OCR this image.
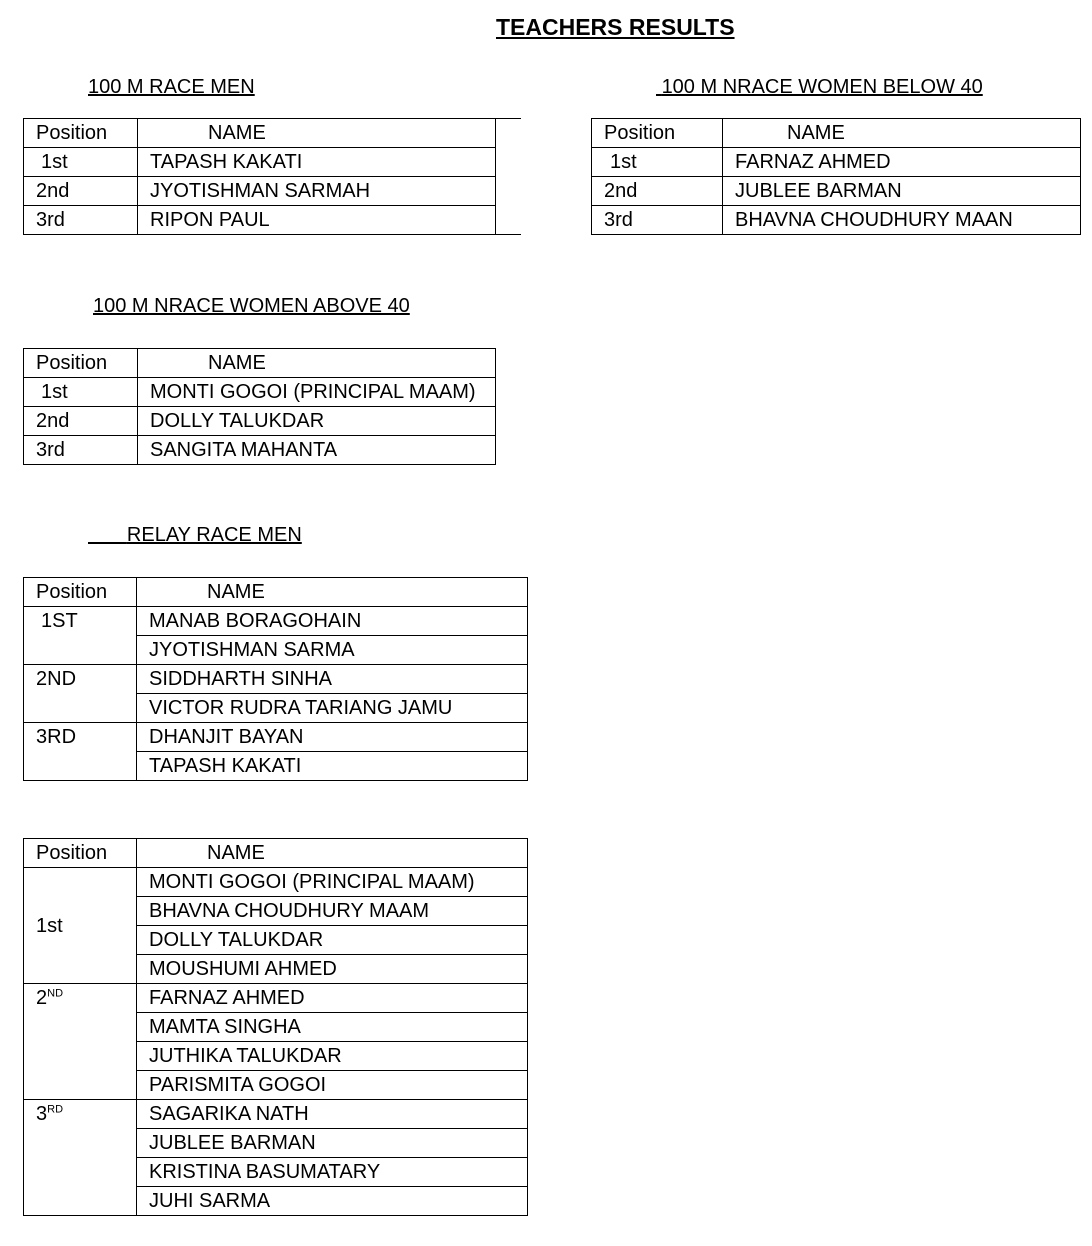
TEACHERS RESULTS
100 M RACE MEN
Position	NAME
1st	TAPASH KAKATI
2nd	JYOTISHMAN SARMAH
3rd	RIPON PAUL
100 M NRACE WOMEN BELOW 40
Position	NAME
1st	FARNAZ AHMED
2nd	JUBLEE BARMAN
3rd	BHAVNA CHOUDHURY MAAN
100 M NRACE WOMEN ABOVE 40
Position	NAME
1st	MONTI GOGOI (PRINCIPAL MAAM)
2nd	DOLLY TALUKDAR
3rd	SANGITA MAHANTA
RELAY RACE MEN
Position	NAME
1ST	MANAB BORAGOHAIN
	JYOTISHMAN SARMA
2ND	SIDDHARTH SINHA
	VICTOR RUDRA TARIANG JAMU
3RD	DHANJIT BAYAN
	TAPASH KAKATI
Position	NAME
1st	MONTI GOGOI (PRINCIPAL MAAM)
	BHAVNA CHOUDHURY MAAM
	DOLLY TALUKDAR
	MOUSHUMI AHMED
2ND	FARNAZ AHMED
	MAMTA SINGHA
	JUTHIKA TALUKDAR
	PARISMITA GOGOI
3RD	SAGARIKA NATH
	JUBLEE BARMAN
	KRISTINA BASUMATARY
	JUHI SARMA
